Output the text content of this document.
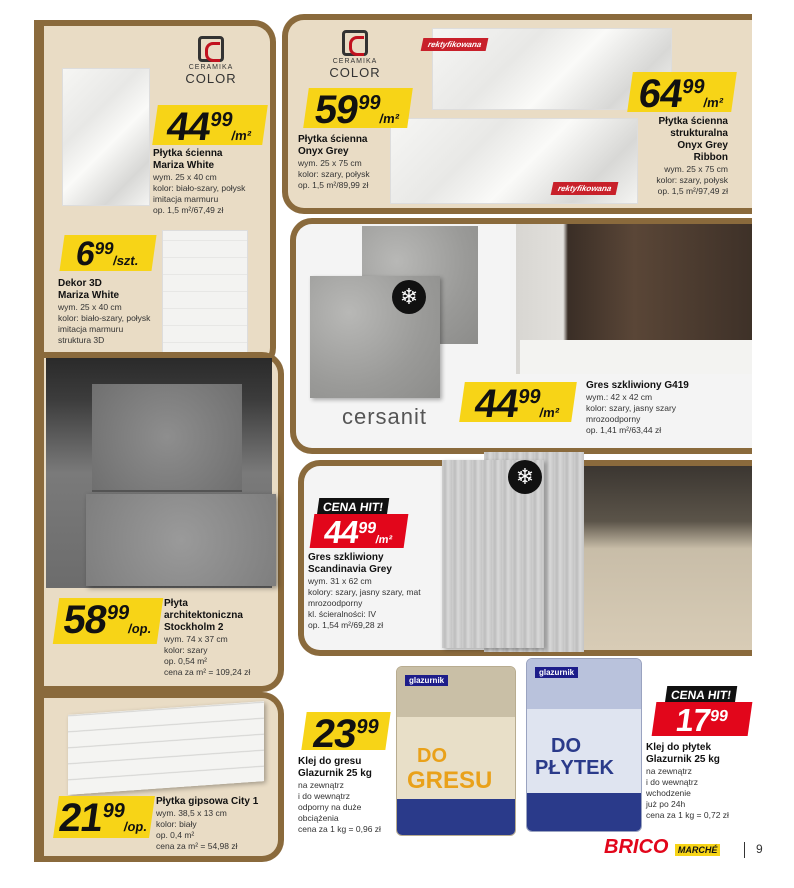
CERAMIKA
COLOR
44
99
/m²
Płytka ścienna
Mariza White
wym. 25 x 40 cm
kolor: biało-szary, połysk
imitacja marmuru
op. 1,5 m²/67,49 zł
6
99
/szt.
Dekor 3D
Mariza White
wym. 25 x 40 cm
kolor: biało-szary, połysk
imitacja marmuru
struktura 3D
CERAMIKA
COLOR
rektyfikowana
rektyfikowana
59
99
/m²
Płytka ścienna
Onyx Grey
wym. 25 x 75 cm
kolor: szary, połysk
op. 1,5 m²/89,99 zł
64
99
/m²
Płytka ścienna
strukturalna
Onyx Grey
Ribbon
wym. 25 x 75 cm
kolor: szary, połysk
op. 1,5 m²/97,49 zł
❄
cersanit 44
99
/m²
Gres szkliwiony G419
wym.: 42 x 42 cm
kolor: szary, jasny szary
mrozoodporny
op. 1,41 m²/63,44 zł
58
99
/op.
Płyta
architektoniczna
Stockholm 2
wym. 74 x 37 cm
kolor: szary
op. 0,54 m²
cena za m² = 109,24 zł
21
99
/op.
Płytka gipsowa City 1
wym. 38,5 x 13 cm
kolor: biały
op. 0,4 m²
cena za m² = 54,98 zł
❄
CENA HIT!
44
99
/m²
Gres szkliwiony
Scandinavia Grey
wym. 31 x 62 cm
kolory: szary, jasny szary, mat
mrozoodporny
kl. ścieralności: IV
op. 1,54 m²/69,28 zł
glazurnik
DO
GRESU
23
99
Klej do gresu
Glazurnik 25 kg
na zewnątrz
i do wewnątrz
odporny na duże
obciążenia
cena za 1 kg = 0,96 zł
glazurnik
DO
PŁYTEK
CENA HIT!
17
99
Klej do płytek
Glazurnik 25 kg
na zewnątrz
i do wewnątrz
wchodzenie
już po 24h
cena za 1 kg = 0,72 zł
BRICO MARCHÉ	9
